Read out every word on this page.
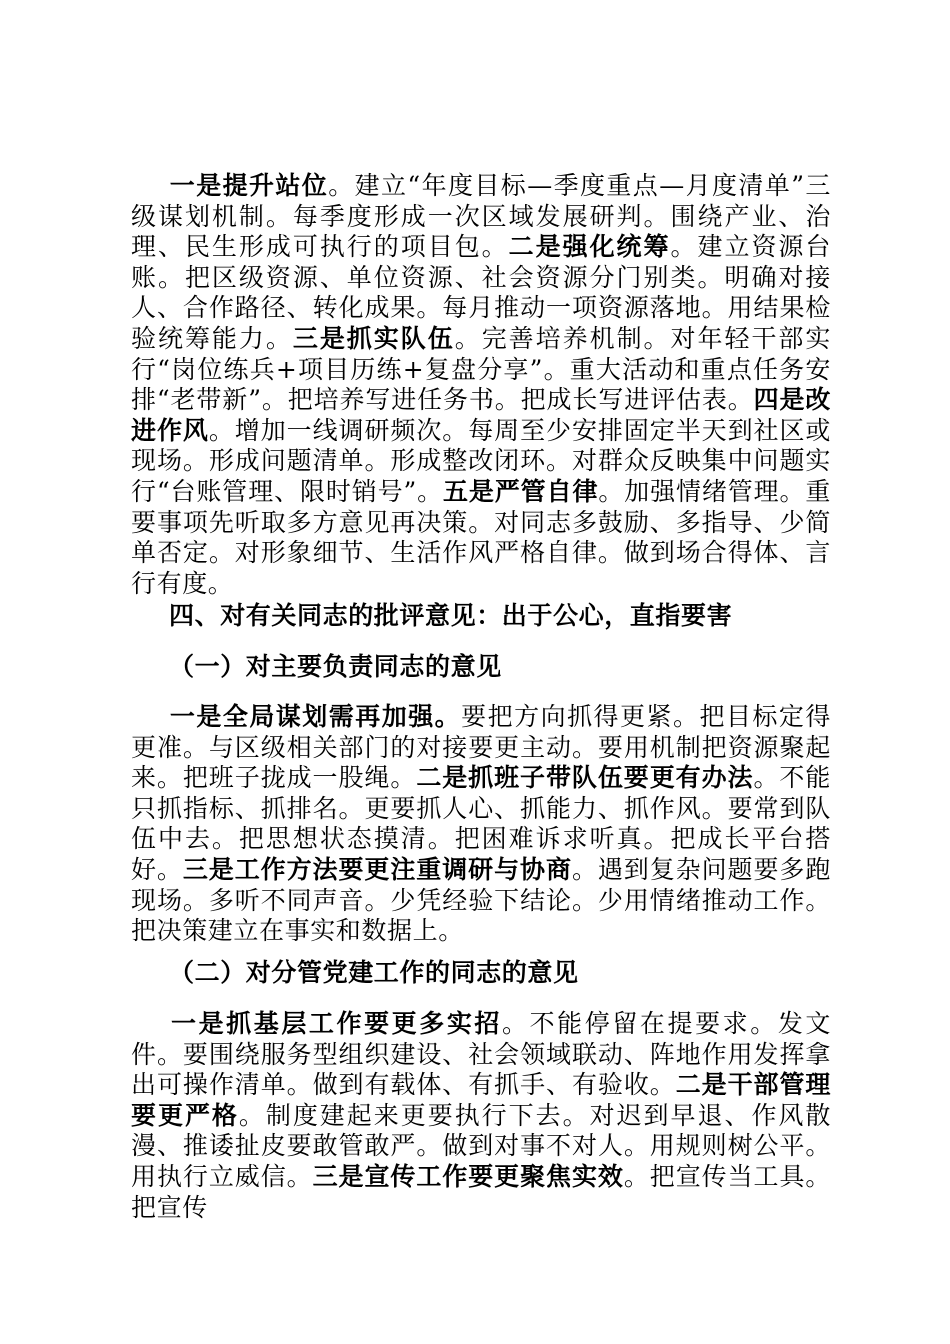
一是提升站位。建立“年度目标—季度重点—月度清单”三级谋划机制。每季度形成一次区域发展研判。围绕产业、治理、民生形成可执行的项目包。二是强化统筹。建立资源台账。把区级资源、单位资源、社会资源分门别类。明确对接人、合作路径、转化成果。每月推动一项资源落地。用结果检验统筹能力。三是抓实队伍。完善培养机制。对年轻干部实行“岗位练兵+项目历练+复盘分享”。重大活动和重点任务安排“老带新”。把培养写进任务书。把成长写进评估表。四是改进作风。增加一线调研频次。每周至少安排固定半天到社区或现场。形成问题清单。形成整改闭环。对群众反映集中问题实行“台账管理、限时销号”。五是严管自律。加强情绪管理。重要事项先听取多方意见再决策。对同志多鼓励、多指导、少简单否定。对形象细节、生活作风严格自律。做到场合得体、言行有度。

四、对有关同志的批评意见：出于公心，直指要害

（一）对主要负责同志的意见

一是全局谋划需再加强。要把方向抓得更紧。把目标定得更准。与区级相关部门的对接要更主动。要用机制把资源聚起来。把班子拢成一股绳。二是抓班子带队伍要更有办法。不能只抓指标、抓排名。更要抓人心、抓能力、抓作风。要常到队伍中去。把思想状态摸清。把困难诉求听真。把成长平台搭好。三是工作方法要更注重调研与协商。遇到复杂问题要多跑现场。多听不同声音。少凭经验下结论。少用情绪推动工作。把决策建立在事实和数据上。

（二）对分管党建工作的同志的意见

一是抓基层工作要更多实招。不能停留在提要求。发文件。要围绕服务型组织建设、社会领域联动、阵地作用发挥拿出可操作清单。做到有载体、有抓手、有验收。二是干部管理要更严格。制度建起来更要执行下去。对迟到早退、作风散漫、推诿扯皮要敢管敢严。做到对事不对人。用规则树公平。用执行立威信。三是宣传工作要更聚焦实效。把宣传当工具。把宣传
